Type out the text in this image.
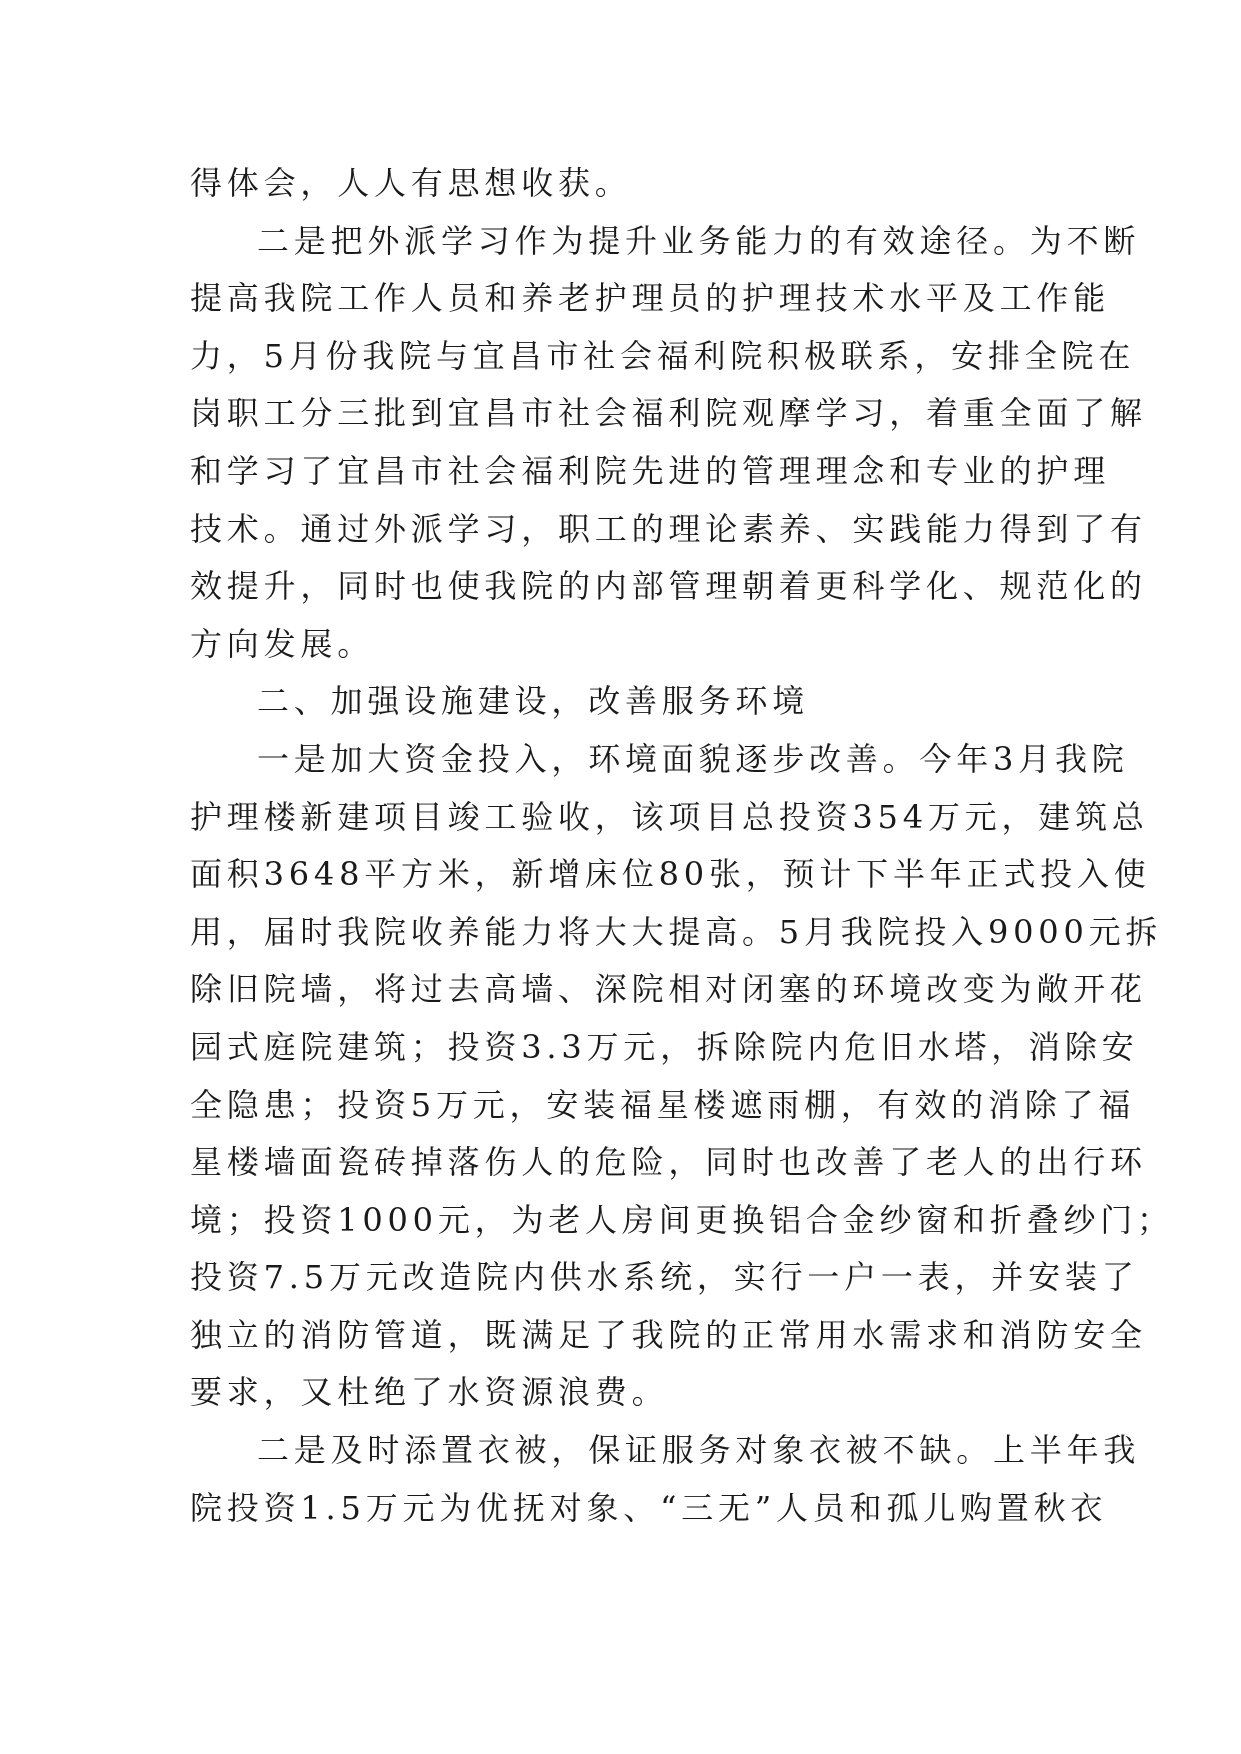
得体会，人人有思想收获。
二是把外派学习作为提升业务能力的有效途径。为不断
提高我院工作人员和养老护理员的护理技术水平及工作能
力，5月份我院与宜昌市社会福利院积极联系，安排全院在
岗职工分三批到宜昌市社会福利院观摩学习，着重全面了解
和学习了宜昌市社会福利院先进的管理理念和专业的护理
技术。通过外派学习，职工的理论素养、实践能力得到了有
效提升，同时也使我院的内部管理朝着更科学化、规范化的
方向发展。
二、加强设施建设，改善服务环境
一是加大资金投入，环境面貌逐步改善。今年3月我院
护理楼新建项目竣工验收，该项目总投资354万元，建筑总
面积3648平方米，新增床位80张，预计下半年正式投入使
用，届时我院收养能力将大大提高。5月我院投入9000元拆
除旧院墙，将过去高墙、深院相对闭塞的环境改变为敞开花
园式庭院建筑；投资3.3万元，拆除院内危旧水塔，消除安
全隐患；投资5万元，安装福星楼遮雨棚，有效的消除了福
星楼墙面瓷砖掉落伤人的危险，同时也改善了老人的出行环
境；投资1000元，为老人房间更换铝合金纱窗和折叠纱门；
投资7.5万元改造院内供水系统，实行一户一表，并安装了
独立的消防管道，既满足了我院的正常用水需求和消防安全
要求，又杜绝了水资源浪费。
二是及时添置衣被，保证服务对象衣被不缺。上半年我
院投资1.5万元为优抚对象、“三无”人员和孤儿购置秋衣
